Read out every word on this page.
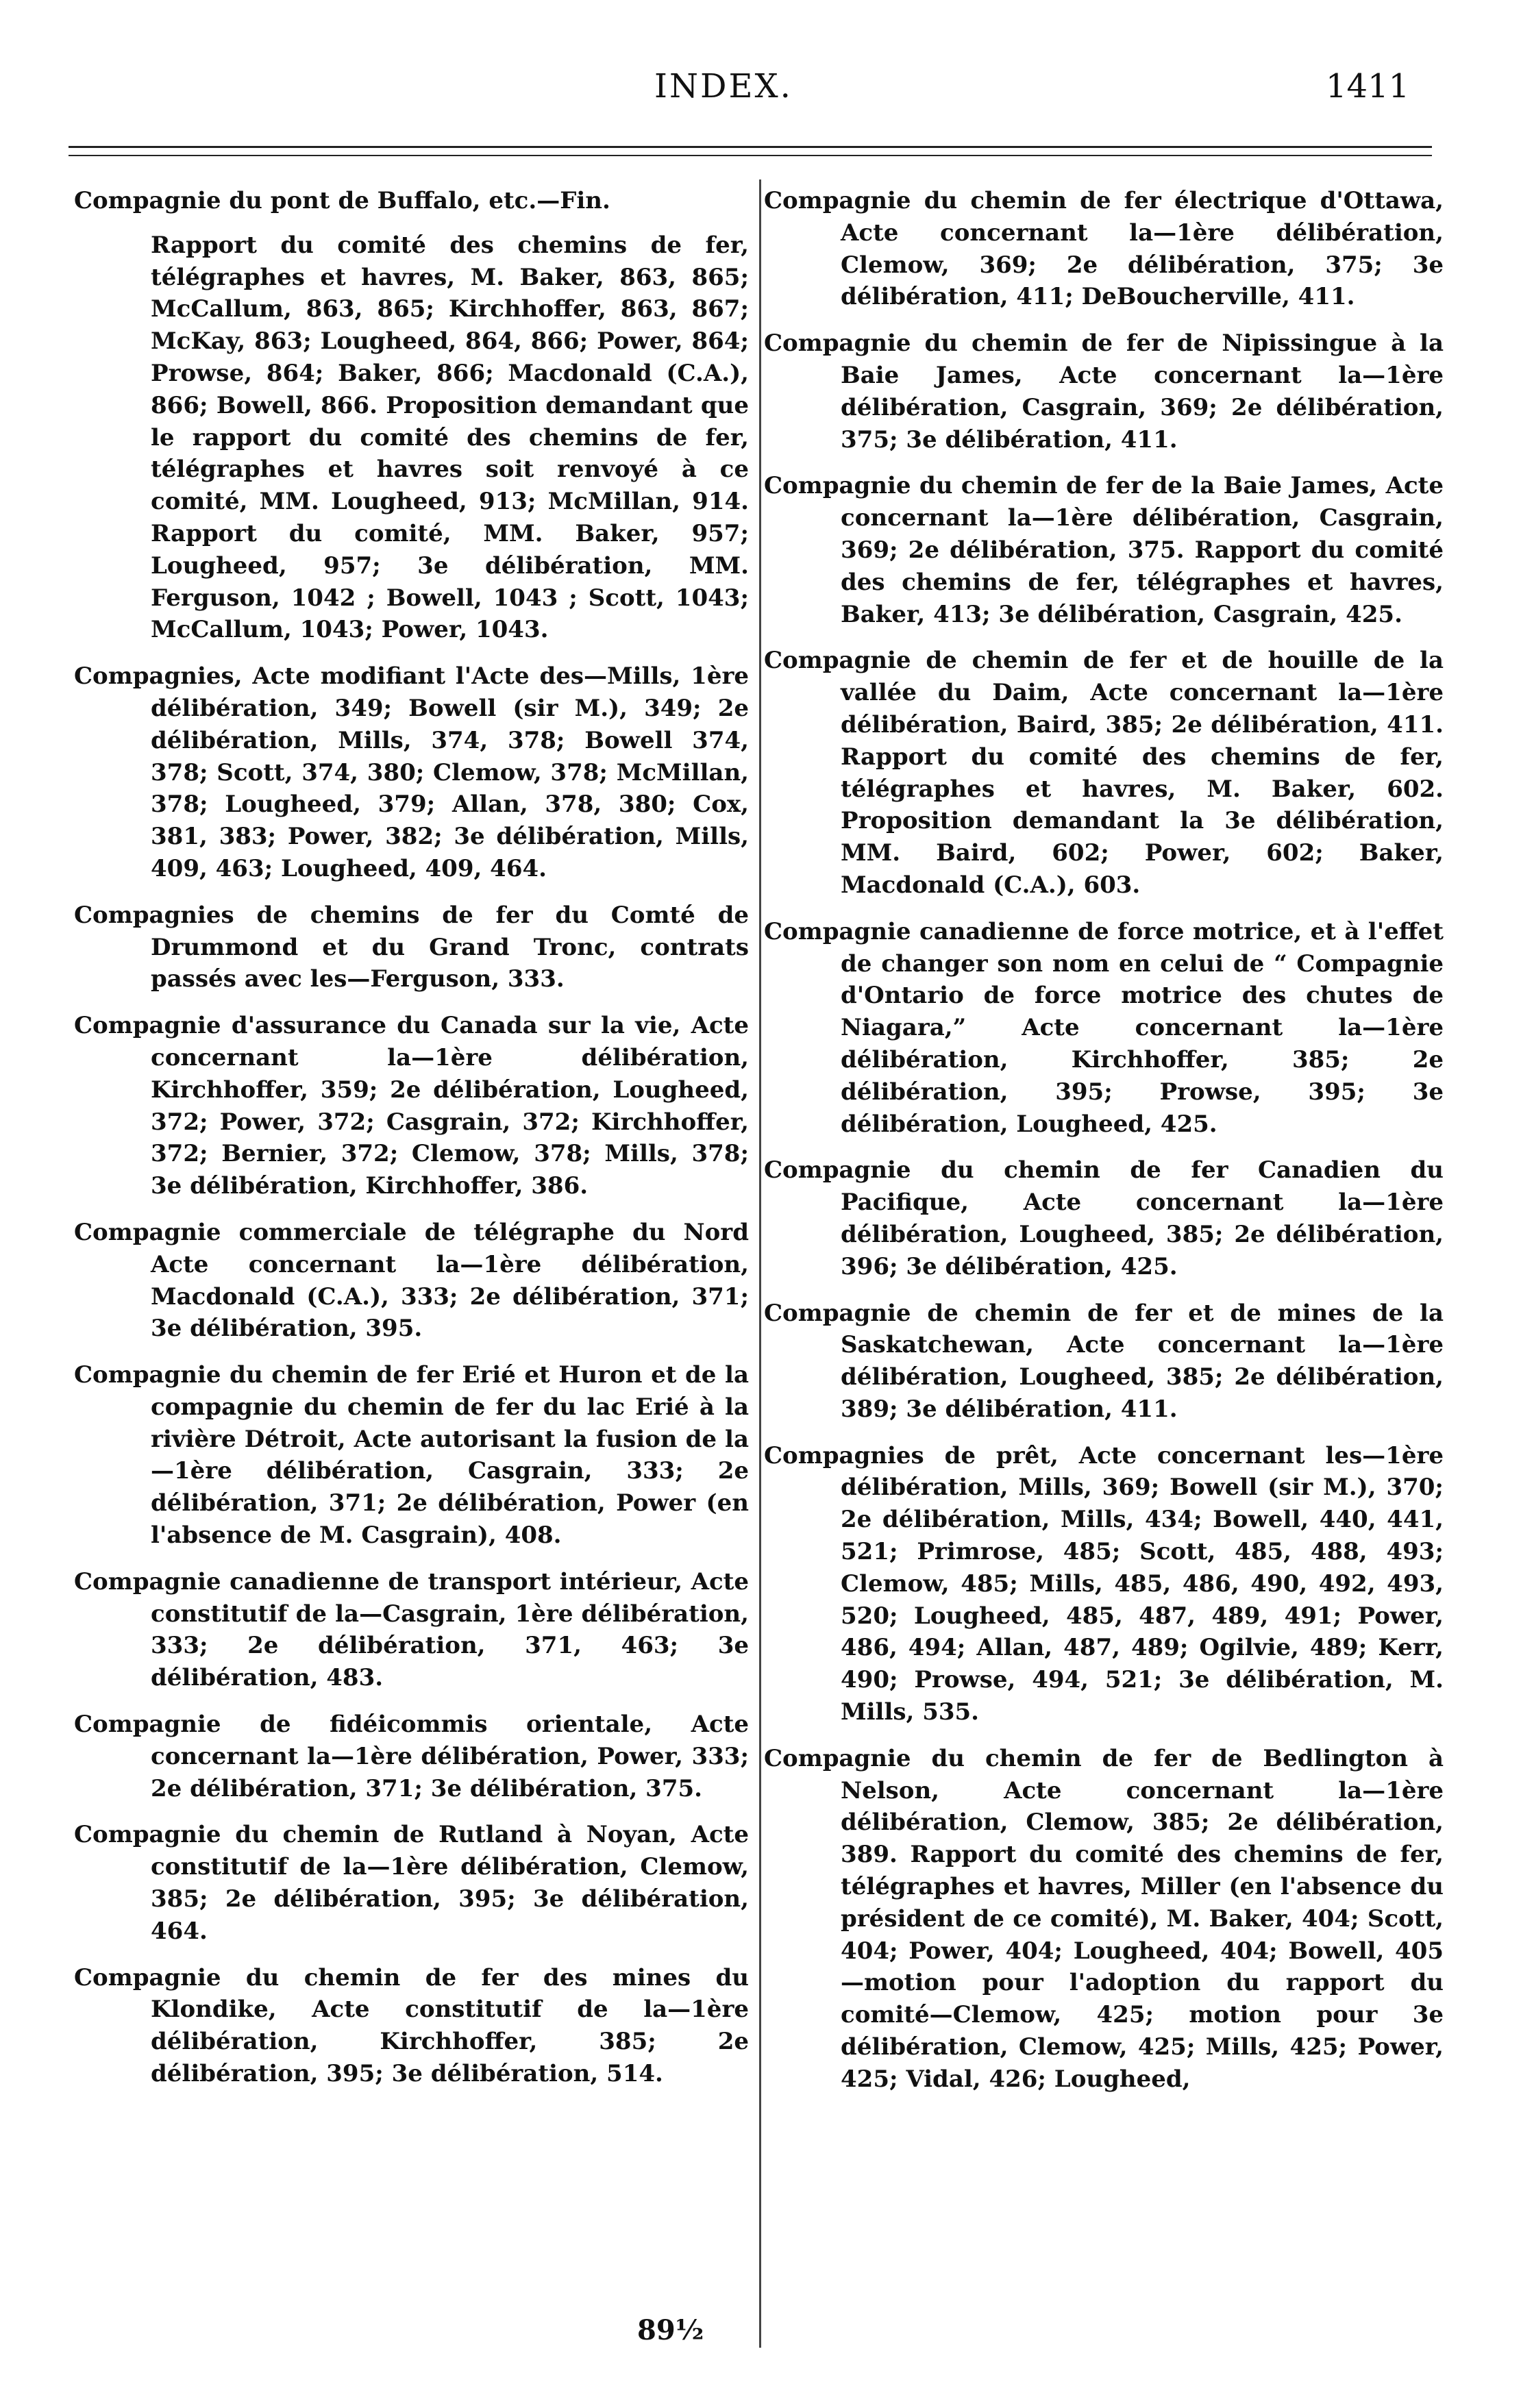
INDEX.	1411

Compagnie du pont de Buffalo, etc.—Fin.

Rapport du comité des chemins de fer, télégraphes et havres, M. Baker, 863, 865; McCallum, 863, 865; Kirchhoffer, 863, 867; McKay, 863; Lougheed, 864, 866; Power, 864; Prowse, 864; Baker, 866; Macdonald (C.A.), 866; Bowell, 866. Proposition demandant que le rapport du comité des chemins de fer, télégraphes et havres soit renvoyé à ce comité, MM. Lougheed, 913; McMillan, 914. Rapport du comité, MM. Baker, 957; Lougheed, 957; 3e délibération, MM. Ferguson, 1042 ; Bowell, 1043 ; Scott, 1043; McCallum, 1043; Power, 1043.

Compagnies, Acte modifiant l'Acte des—Mills, 1ère délibération, 349; Bowell (sir M.), 349; 2e délibération, Mills, 374, 378; Bowell 374, 378; Scott, 374, 380; Clemow, 378; McMillan, 378; Lougheed, 379; Allan, 378, 380; Cox, 381, 383; Power, 382; 3e délibération, Mills, 409, 463; Lougheed, 409, 464.

Compagnies de chemins de fer du Comté de Drummond et du Grand Tronc, contrats passés avec les—Ferguson, 333.

Compagnie d'assurance du Canada sur la vie, Acte concernant la—1ère délibération, Kirchhoffer, 359; 2e délibération, Lougheed, 372; Power, 372; Casgrain, 372; Kirchhoffer, 372; Bernier, 372; Clemow, 378; Mills, 378; 3e délibération, Kirchhoffer, 386.

Compagnie commerciale de télégraphe du Nord Acte concernant la—1ère délibération, Macdonald (C.A.), 333; 2e délibération, 371; 3e délibération, 395.

Compagnie du chemin de fer Erié et Huron et de la compagnie du chemin de fer du lac Erié à la rivière Détroit, Acte autorisant la fusion de la—1ère délibération, Casgrain, 333; 2e délibération, 371; 2e délibération, Power (en l'absence de M. Casgrain), 408.

Compagnie canadienne de transport intérieur, Acte constitutif de la—Casgrain, 1ère délibération, 333; 2e délibération, 371, 463; 3e délibération, 483.

Compagnie de fidéicommis orientale, Acte concernant la—1ère délibération, Power, 333; 2e délibération, 371; 3e délibération, 375.

Compagnie du chemin de Rutland à Noyan, Acte constitutif de la—1ère délibération, Clemow, 385; 2e délibération, 395; 3e délibération, 464.

Compagnie du chemin de fer des mines du Klondike, Acte constitutif de la—1ère délibération, Kirchhoffer, 385; 2e délibération, 395; 3e délibération, 514.

Compagnie du chemin de fer électrique d'Ottawa, Acte concernant la—1ère délibération, Clemow, 369; 2e délibération, 375; 3e délibération, 411; DeBoucherville, 411.

Compagnie du chemin de fer de Nipissingue à la Baie James, Acte concernant la—1ère délibération, Casgrain, 369; 2e délibération, 375; 3e délibération, 411.

Compagnie du chemin de fer de la Baie James, Acte concernant la—1ère délibération, Casgrain, 369; 2e délibération, 375. Rapport du comité des chemins de fer, télégraphes et havres, Baker, 413; 3e délibération, Casgrain, 425.

Compagnie de chemin de fer et de houille de la vallée du Daim, Acte concernant la—1ère délibération, Baird, 385; 2e délibération, 411. Rapport du comité des chemins de fer, télégraphes et havres, M. Baker, 602. Proposition demandant la 3e délibération, MM. Baird, 602; Power, 602; Baker, Macdonald (C.A.), 603.

Compagnie canadienne de force motrice, et à l'effet de changer son nom en celui de “ Compagnie d'Ontario de force motrice des chutes de Niagara,” Acte concernant la—1ère délibération, Kirchhoffer, 385; 2e délibération, 395; Prowse, 395; 3e délibération, Lougheed, 425.

Compagnie du chemin de fer Canadien du Pacifique, Acte concernant la—1ère délibération, Lougheed, 385; 2e délibération, 396; 3e délibération, 425.

Compagnie de chemin de fer et de mines de la Saskatchewan, Acte concernant la—1ère délibération, Lougheed, 385; 2e délibération, 389; 3e délibération, 411.

Compagnies de prêt, Acte concernant les—1ère délibération, Mills, 369; Bowell (sir M.), 370; 2e délibération, Mills, 434; Bowell, 440, 441, 521; Primrose, 485; Scott, 485, 488, 493; Clemow, 485; Mills, 485, 486, 490, 492, 493, 520; Lougheed, 485, 487, 489, 491; Power, 486, 494; Allan, 487, 489; Ogilvie, 489; Kerr, 490; Prowse, 494, 521; 3e délibération, M. Mills, 535.

Compagnie du chemin de fer de Bedlington à Nelson, Acte concernant la—1ère délibération, Clemow, 385; 2e délibération, 389. Rapport du comité des chemins de fer, télégraphes et havres, Miller (en l'absence du président de ce comité), M. Baker, 404; Scott, 404; Power, 404; Lougheed, 404; Bowell, 405—motion pour l'adoption du rapport du comité—Clemow, 425; motion pour 3e délibération, Clemow, 425; Mills, 425; Power, 425; Vidal, 426; Lougheed,

89½
